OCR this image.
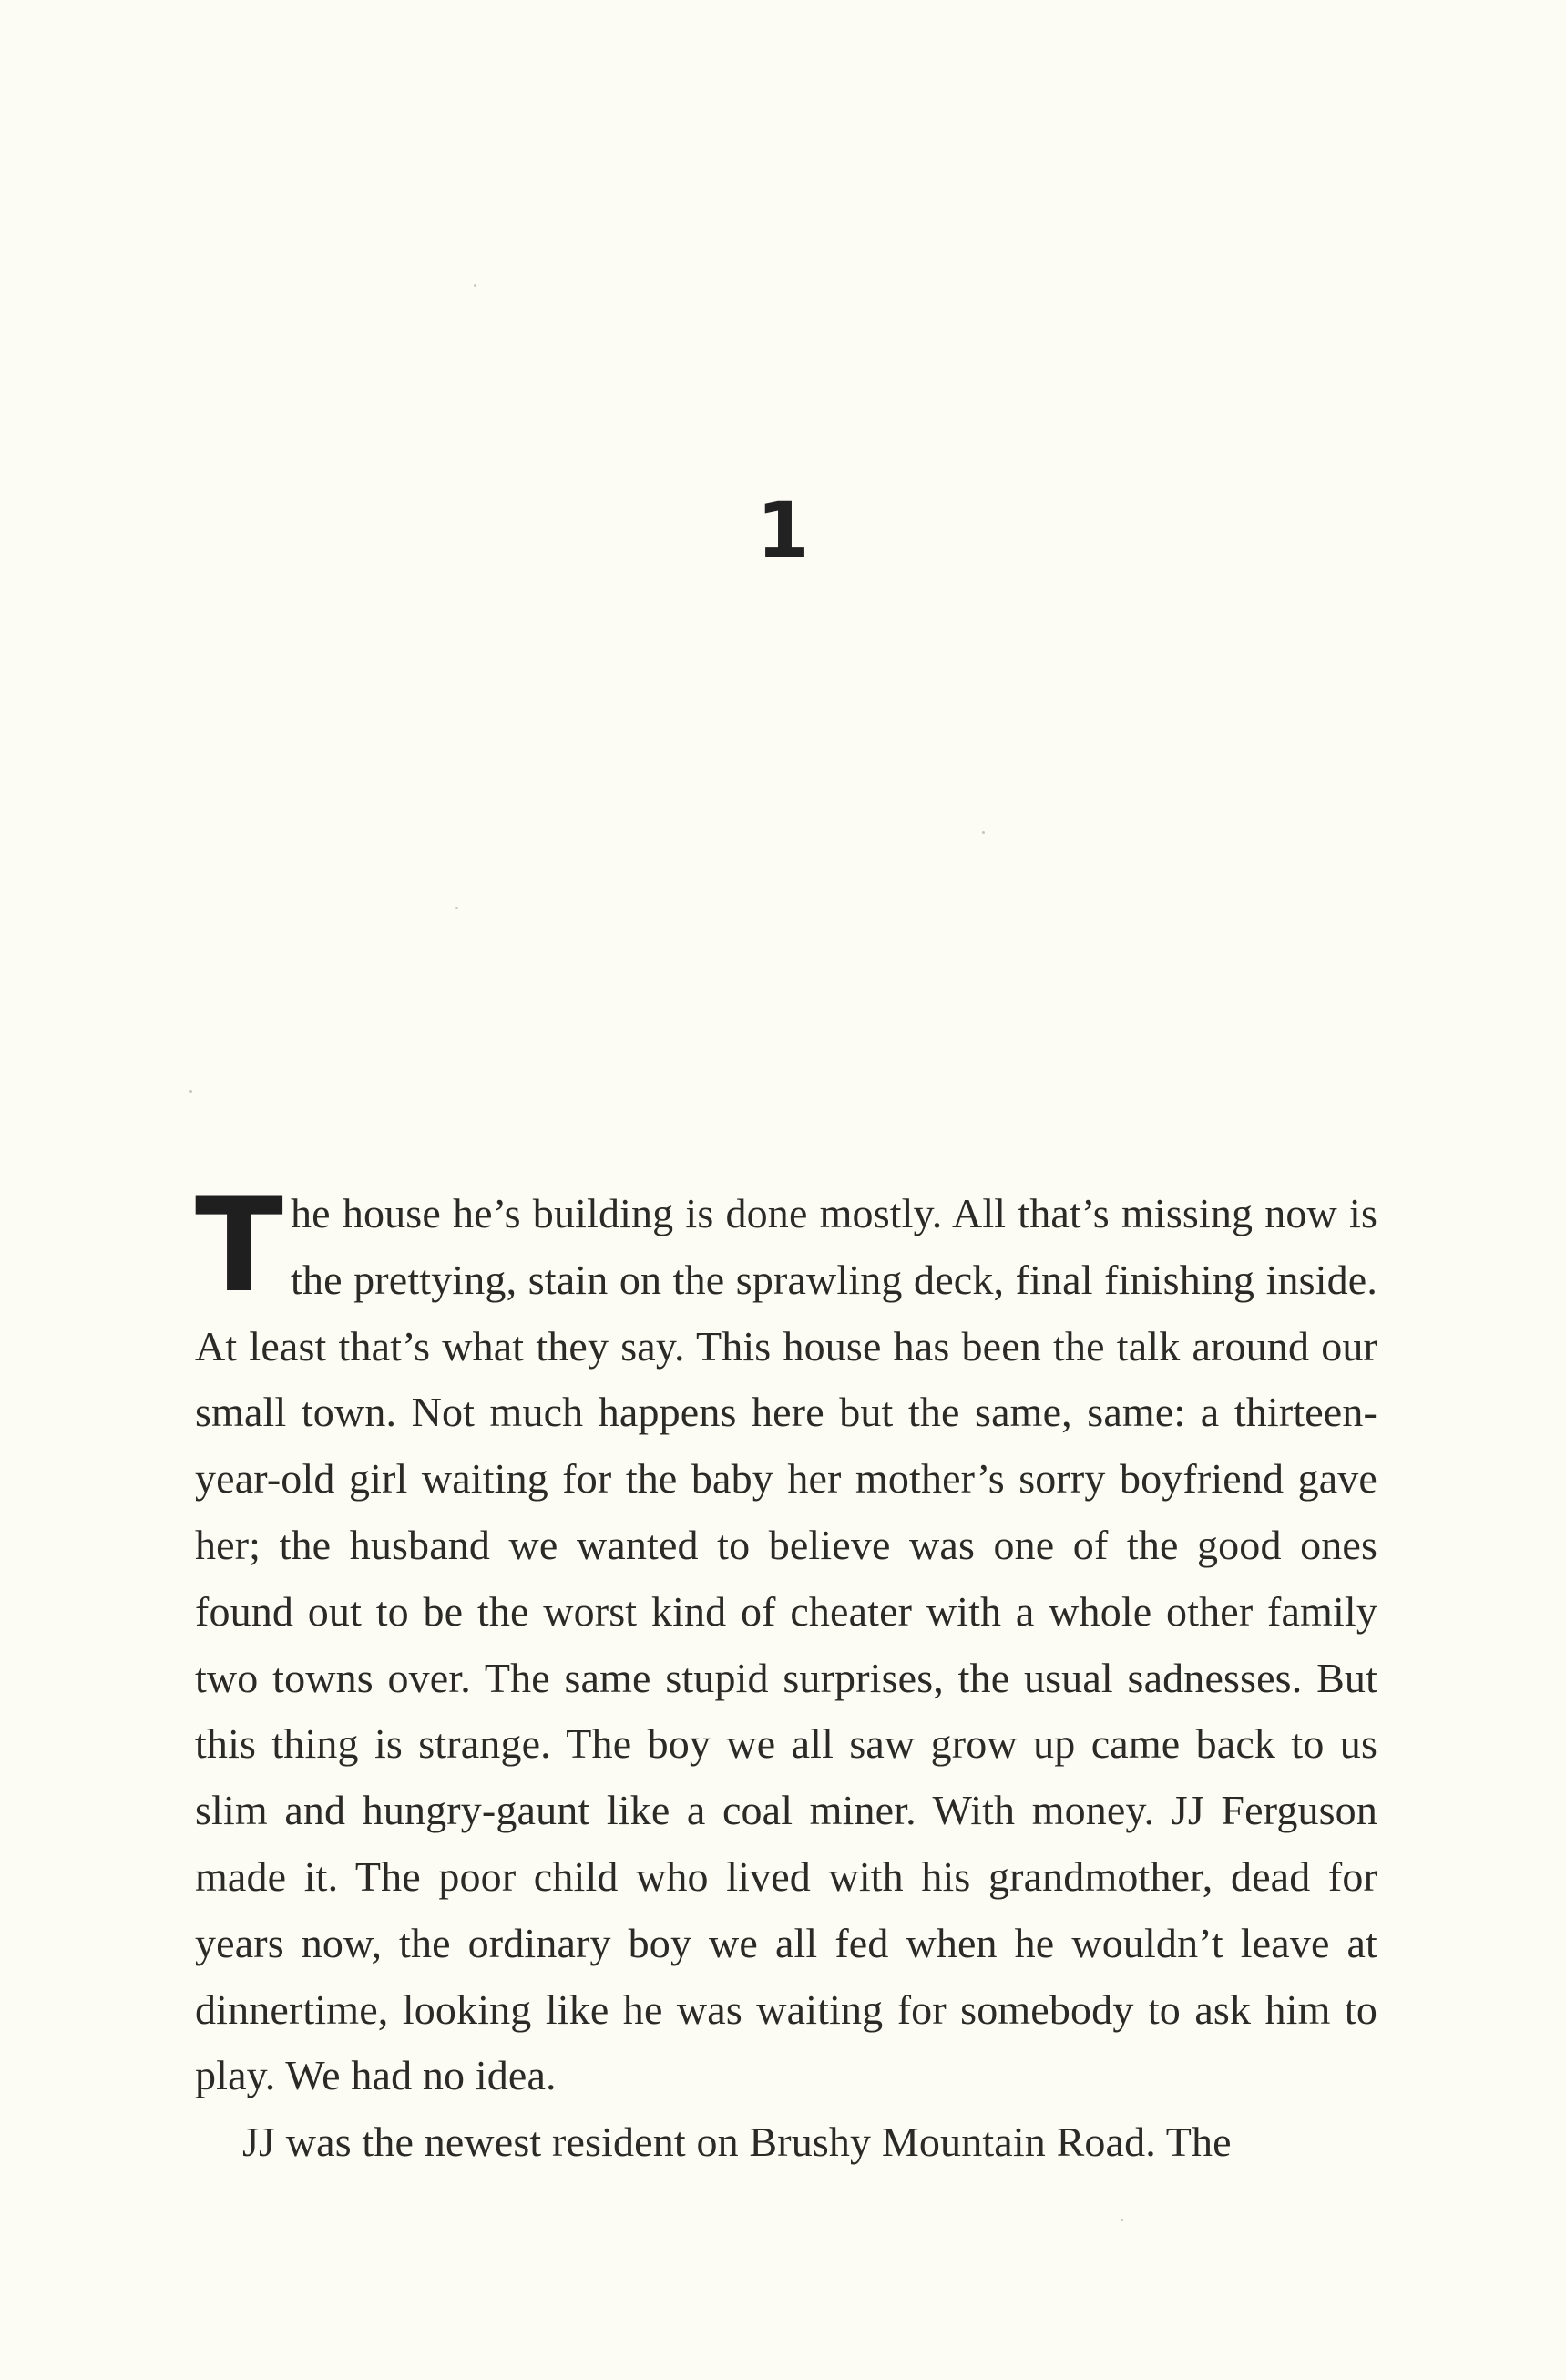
1

The house he’s building is done mostly. All that’s missing now is the prettying, stain on the sprawling deck, final finishing inside. At least that’s what they say. This house has been the talk around our small town. Not much happens here but the same, same: a thirteen-year-old girl waiting for the baby her mother’s sorry boyfriend gave her; the husband we wanted to believe was one of the good ones found out to be the worst kind of cheater with a whole other family two towns over. The same stupid surprises, the usual sadnesses. But this thing is strange. The boy we all saw grow up came back to us slim and hungry-gaunt like a coal miner. With money. JJ Ferguson made it. The poor child who lived with his grandmother, dead for years now, the ordinary boy we all fed when he wouldn’t leave at dinnertime, looking like he was waiting for somebody to ask him to play. We had no idea.

JJ was the newest resident on Brushy Mountain Road. The
